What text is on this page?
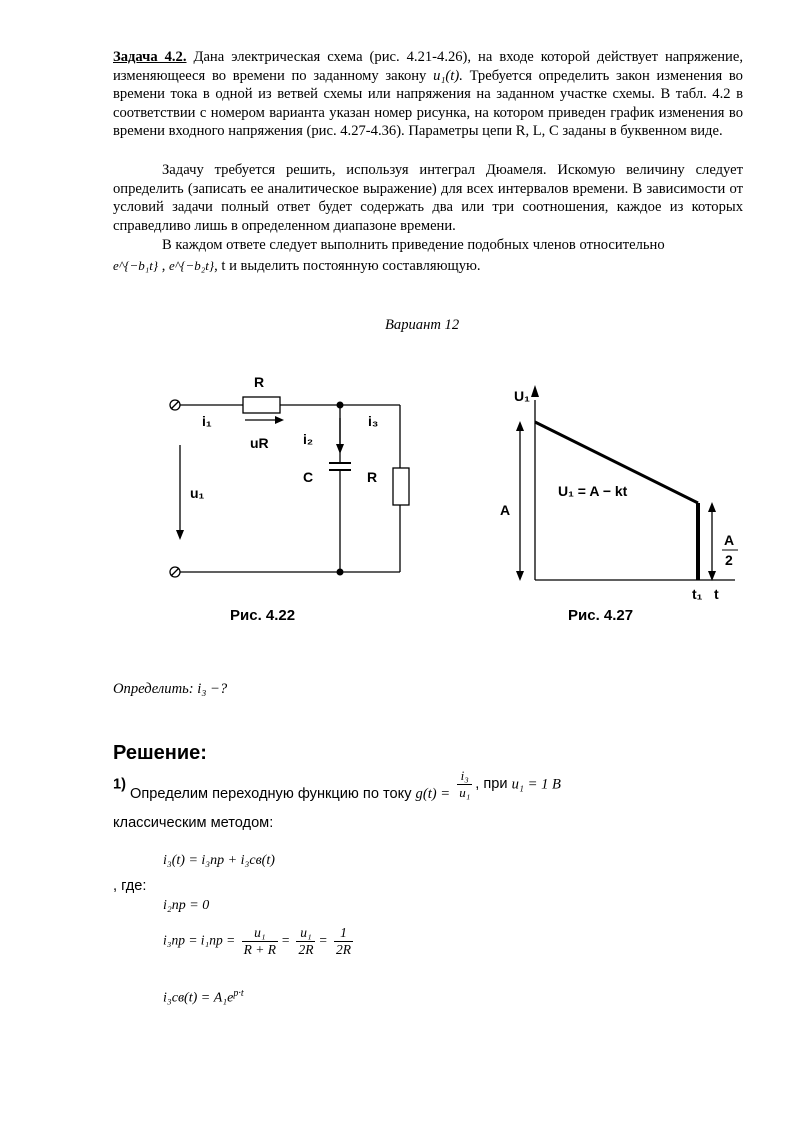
Задача 4.2. Дана электрическая схема (рис. 4.21-4.26), на входе которой действует напряжение, изменяющееся во времени по заданному закону u₁(t). Требуется определить закон изменения во времени тока в одной из ветвей схемы или напряжения на заданном участке схемы. В табл. 4.2 в соответствии с номером варианта указан номер рисунка, на котором приведен график изменения во времени входного напряжения (рис. 4.27-4.36). Параметры цепи R, L, C заданы в буквенном виде.
Задачу требуется решить, используя интеграл Дюамеля. Искомую величину следует определить (записать ее аналитическое выражение) для всех интервалов времени. В зависимости от условий задачи полный ответ будет содержать два или три соотношения, каждое из которых справедливо лишь в определенном диапазоне времени.
В каждом ответе следует выполнить приведение подобных членов относительно
e^{−b₁t} , e^{−b₂t}, t и выделить постоянную составляющую.
Вариант 12
R
i₁
uR i₂
i₃
C	R
u₁
Рис. 4.22
U₁
A
U₁ = A − kt
A
2
t₁ t
Рис. 4.27
Определить: i₃ −?
Решение:
1) Определим переходную функцию по току $g(t) = \frac{\text{i₃}}{\text{u₁}}$ , при u₁ = 1 B
классическим методом:
i₃(t) = i₃пр + i₃св(t)
, где:
i₂пр = 0
$i_3пр = i_1пр = \frac{\text{u₁}}{R + R} = \frac{\text{u₁}}{2R} = \frac{1}{2R}$
$i_3св(t) = A_1e^{p\cdot t}$
